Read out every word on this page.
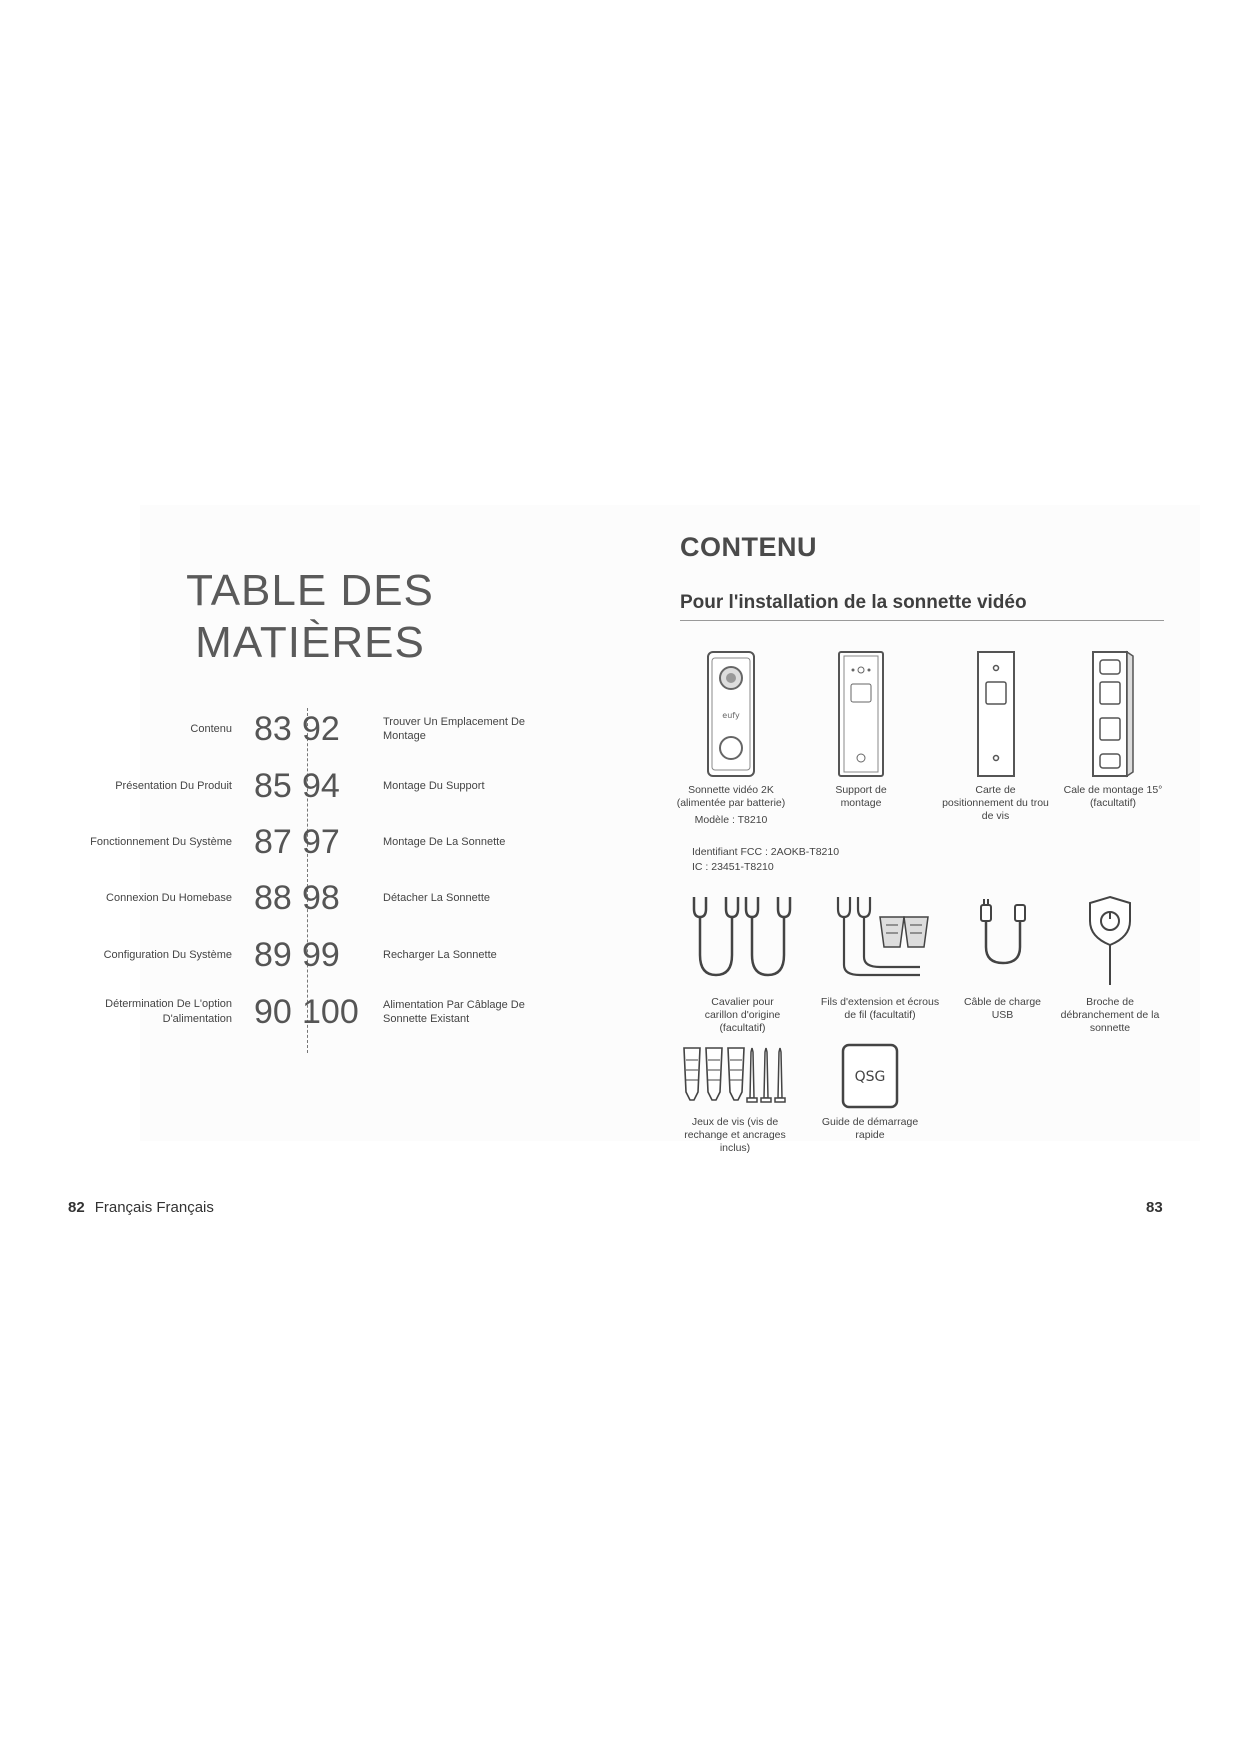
TABLE DES
MATIÈRES
Contenu 83 92	Trouver Un Emplacement De Montage
Présentation Du Produit 85 94	Montage Du Support
Fonctionnement Du Système 87 97	Montage De La Sonnette
Connexion Du Homebase 88 98	Détacher La Sonnette
Configuration Du Système 89 99	Recharger La Sonnette
Détermination De L'option D'alimentation 90 100 Alimentation Par Câblage De Sonnette Existant
CONTENU
Pour l'installation de la sonnette vidéo
eufy
Sonnette vidéo 2K
(alimentée par batterie)
Modèle : T8210
Support de
montage
Carte de
positionnement du trou
de vis
Cale de montage 15°
(facultatif)
Identifiant FCC : 2AOKB-T8210
IC : 23451-T8210
Cavalier pour
carillon d'origine
(facultatif)
Fils d'extension et écrous
de fil (facultatif)
Câble de charge
USB
Broche de
débranchement de la
sonnette
Jeux de vis (vis de
rechange et ancrages
inclus)
QSG
Guide de démarrage
rapide
82 Français Français	83
